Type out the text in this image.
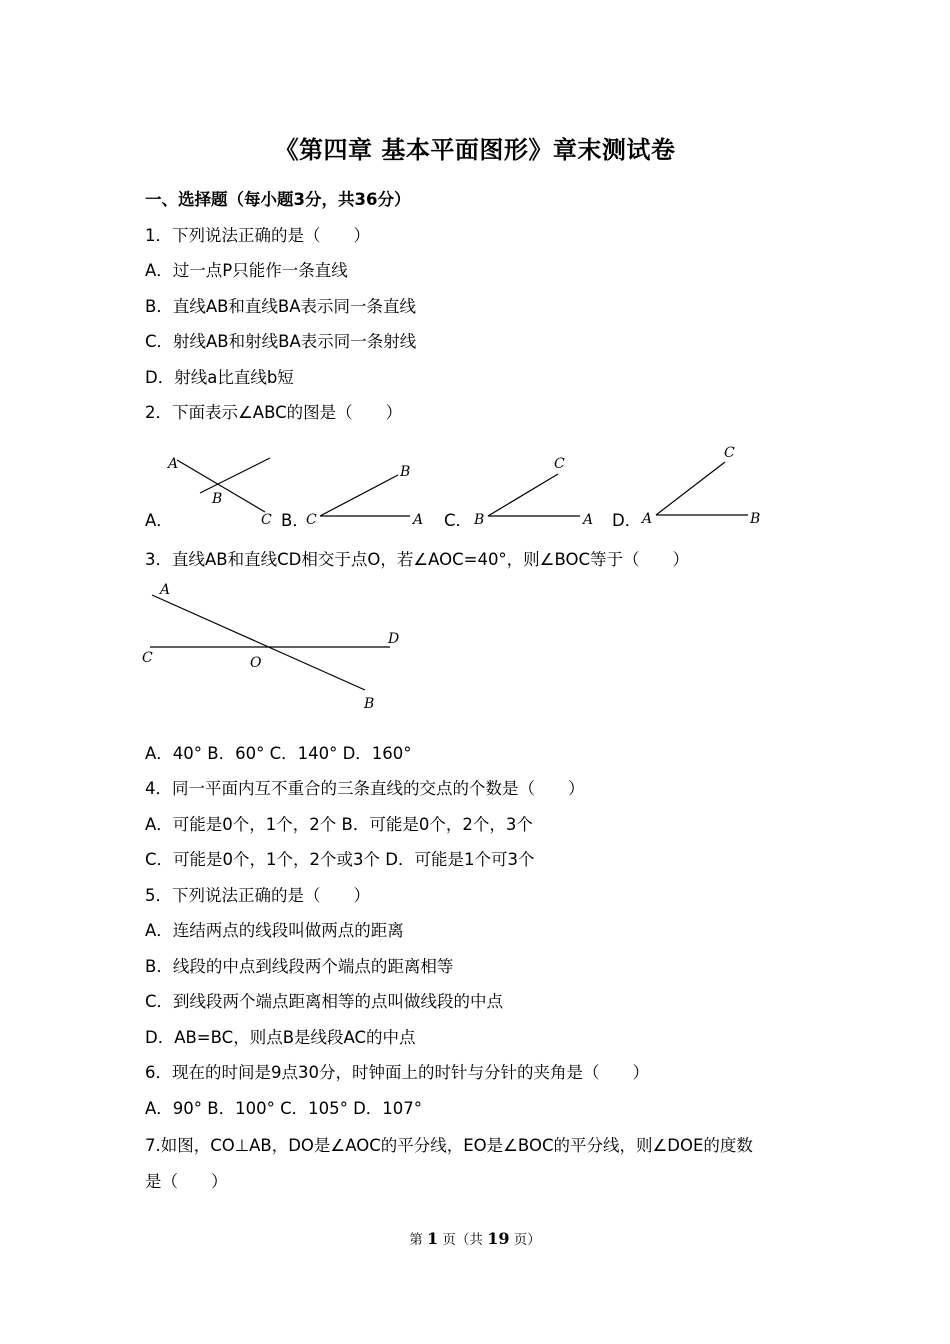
《第四章 基本平面图形》章末测试卷
一、选择题（每小题3分，共36分）
1．下列说法正确的是（　　）
A．过一点P只能作一条直线
B．直线AB和直线BA表示同一条直线
C．射线AB和射线BA表示同一条射线
D．射线a比直线b短
2．下面表示∠ABC的图是（　　）
A．
A
B
C B．
B
C	A C．
C
B	A D．
C
A	B
3．直线AB和直线CD相交于点O，若∠AOC=40°，则∠BOC等于（　　）
A
C	O
D
B
A．40° B．60° C．140° D．160°
4．同一平面内互不重合的三条直线的交点的个数是（　　）
A．可能是0个，1个，2个 B．可能是0个，2个，3个
C．可能是0个，1个，2个或3个 D．可能是1个可3个
5．下列说法正确的是（　　）
A．连结两点的线段叫做两点的距离
B．线段的中点到线段两个端点的距离相等
C．到线段两个端点距离相等的点叫做线段的中点
D．AB=BC，则点B是线段AC的中点
6．现在的时间是9点30分，时钟面上的时针与分针的夹角是（　　）
A．90° B．100° C．105° D．107°
7.如图，CO⊥AB，DO是∠AOC的平分线，EO是∠BOC的平分线，则∠DOE的度数
是（　　）
第 1 页（共 19 页）
